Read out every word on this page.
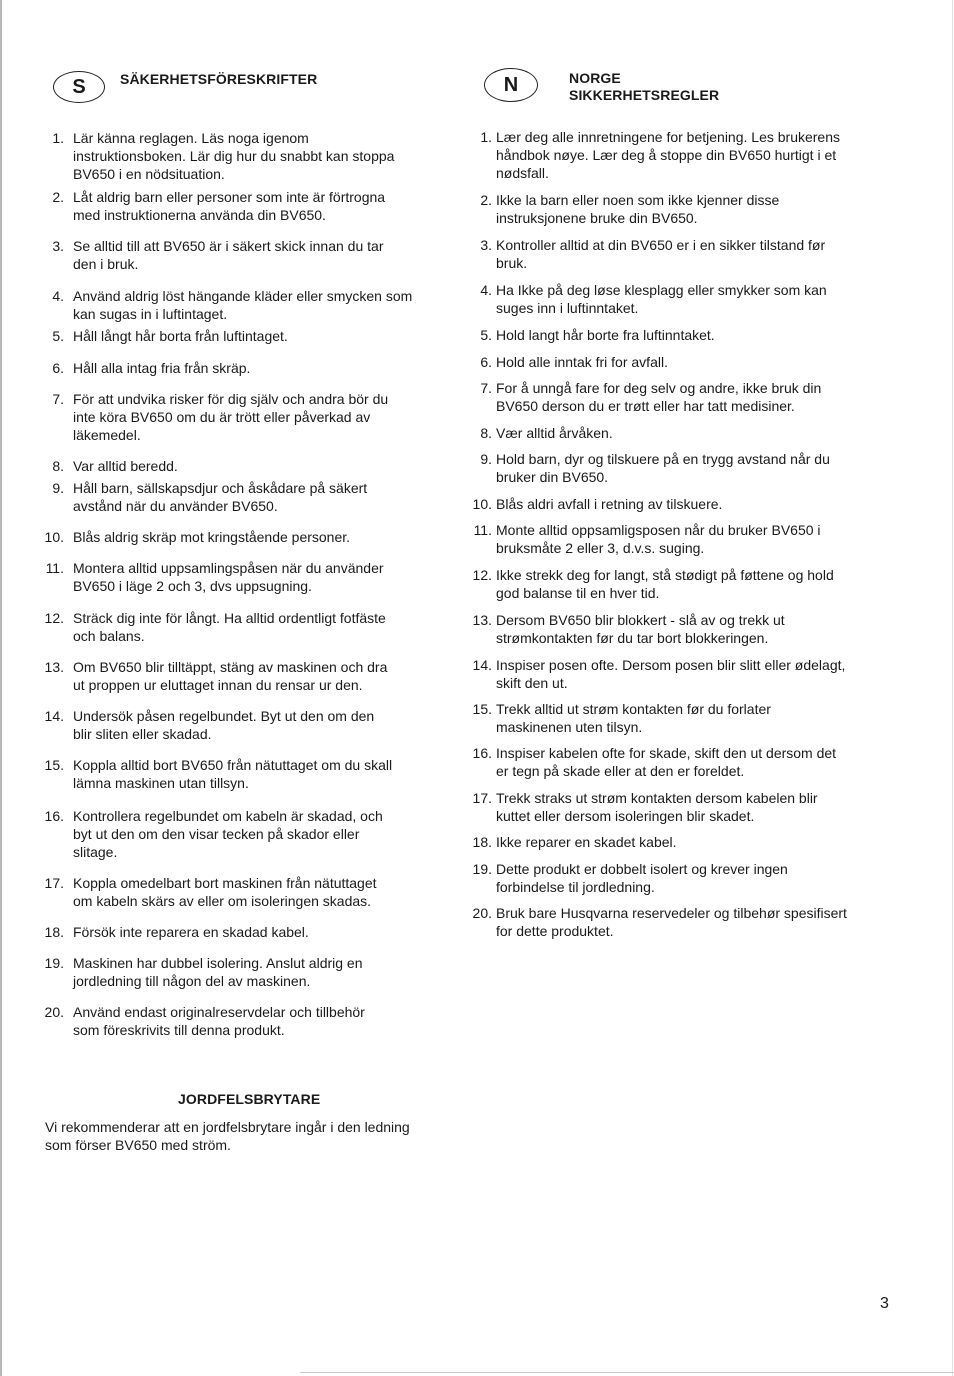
S SÄKERHETSFÖRESKRIFTER
1. Lär känna reglagen. Läs noga igenom
instruktionsboken. Lär dig hur du snabbt kan stoppa
BV650 i en nödsituation.
2. Låt aldrig barn eller personer som inte är förtrogna
med instruktionerna använda din BV650.
3. Se alltid till att BV650 är i säkert skick innan du tar
den i bruk.
4. Använd aldrig löst hängande kläder eller smycken som
kan sugas in i luftintaget.
5. Håll långt hår borta från luftintaget.
6. Håll alla intag fria från skräp.
7. För att undvika risker för dig själv och andra bör du
inte köra BV650 om du är trött eller påverkad av
läkemedel.
8. Var alltid beredd.
9. Håll barn, sällskapsdjur och åskådare på säkert
avstånd när du använder BV650.
10. Blås aldrig skräp mot kringstående personer.
11. Montera alltid uppsamlingspåsen när du använder
BV650 i läge 2 och 3, dvs uppsugning.
12. Sträck dig inte för långt. Ha alltid ordentligt fotfäste
och balans.
13. Om BV650 blir tilltäppt, stäng av maskinen och dra
ut proppen ur eluttaget innan du rensar ur den.
14. Undersök påsen regelbundet. Byt ut den om den
blir sliten eller skadad.
15. Koppla alltid bort BV650 från nätuttaget om du skall
lämna maskinen utan tillsyn.
16. Kontrollera regelbundet om kabeln är skadad, och
byt ut den om den visar tecken på skador eller
slitage.
17. Koppla omedelbart bort maskinen från nätuttaget
om kabeln skärs av eller om isoleringen skadas.
18. Försök inte reparera en skadad kabel.
19. Maskinen har dubbel isolering. Anslut aldrig en
jordledning till någon del av maskinen.
20. Använd endast originalreservdelar och tillbehör
som föreskrivits till denna produkt.
JORDFELSBRYTARE
Vi rekommenderar att en jordfelsbrytare ingår i den ledning
som förser BV650 med ström.
N	NORGE
SIKKERHETSREGLER
1. Lær deg alle innretningene for betjening. Les brukerens
håndbok nøye. Lær deg å stoppe din BV650 hurtigt i et
nødsfall.
2. Ikke la barn eller noen som ikke kjenner disse
instruksjonene bruke din BV650.
3. Kontroller alltid at din BV650 er i en sikker tilstand før
bruk.
4. Ha Ikke på deg løse klesplagg eller smykker som kan
suges inn i luftinntaket.
5. Hold langt hår borte fra luftinntaket.
6. Hold alle inntak fri for avfall.
7. For å unngå fare for deg selv og andre, ikke bruk din
BV650 derson du er trøtt eller har tatt medisiner.
8. Vær alltid årvåken.
9. Hold barn, dyr og tilskuere på en trygg avstand når du
bruker din BV650.
10. Blås aldri avfall i retning av tilskuere.
11. Monte alltid oppsamligsposen når du bruker BV650 i
bruksmåte 2 eller 3, d.v.s. suging.
12. Ikke strekk deg for langt, stå stødigt på føttene og hold
god balanse til en hver tid.
13. Dersom BV650 blir blokkert - slå av og trekk ut
strømkontakten før du tar bort blokkeringen.
14. Inspiser posen ofte. Dersom posen blir slitt eller ødelagt,
skift den ut.
15. Trekk alltid ut strøm kontakten før du forlater
maskinenen uten tilsyn.
16. Inspiser kabelen ofte for skade, skift den ut dersom det
er tegn på skade eller at den er foreldet.
17. Trekk straks ut strøm kontakten dersom kabelen blir
kuttet eller dersom isoleringen blir skadet.
18. Ikke reparer en skadet kabel.
19. Dette produkt er dobbelt isolert og krever ingen
forbindelse til jordledning.
20. Bruk bare Husqvarna reservedeler og tilbehør spesifisert
for dette produktet.
3
